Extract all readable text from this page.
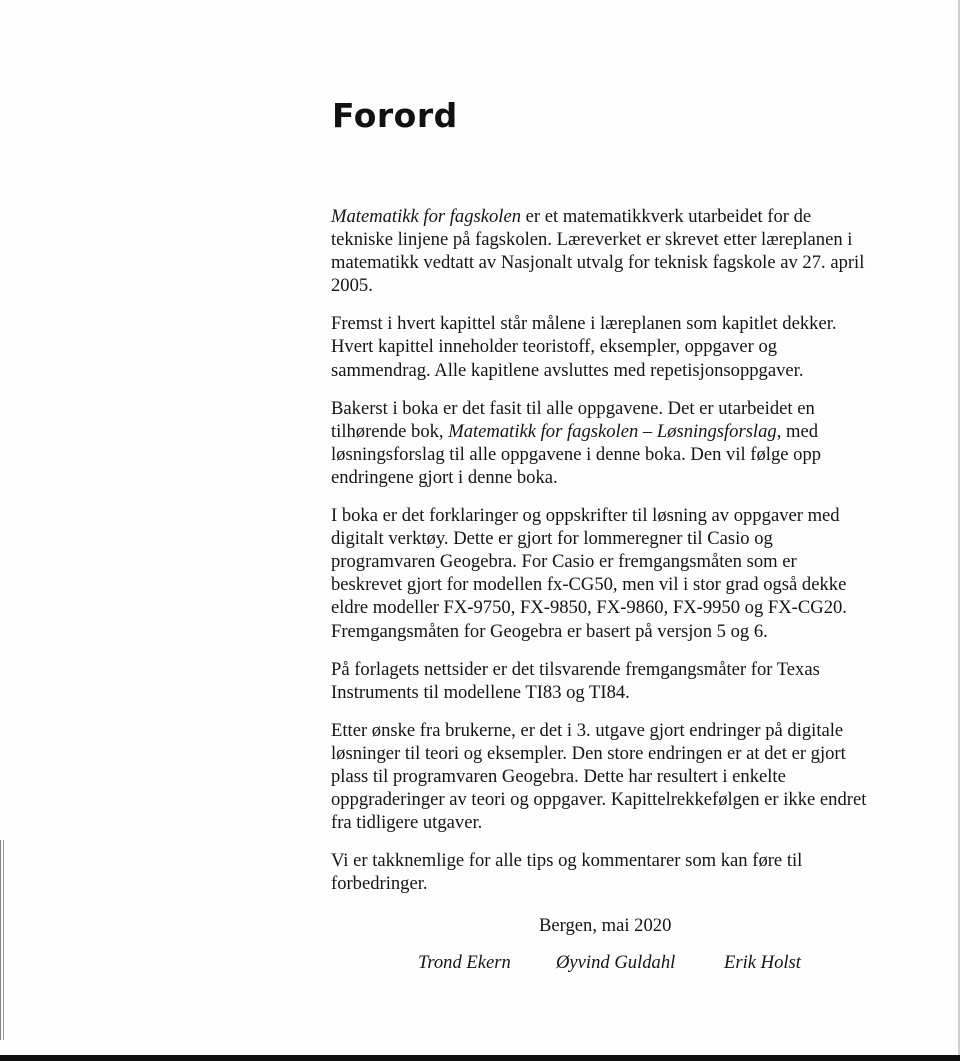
Forord

Matematikk for fagskolen er et matematikkverk utarbeidet for de tekniske linjene på fagskolen. Læreverket er skrevet etter læreplanen i matematikk vedtatt av Nasjonalt utvalg for teknisk fagskole av 27. april 2005.

Fremst i hvert kapittel står målene i læreplanen som kapitlet dekker. Hvert kapittel inneholder teoristoff, eksempler, oppgaver og sammendrag. Alle kapitlene avsluttes med repetisjonsoppgaver.

Bakerst i boka er det fasit til alle oppgavene. Det er utarbeidet en tilhørende bok, Matematikk for fagskolen – Løsningsforslag, med løsningsforslag til alle oppgavene i denne boka. Den vil følge opp endringene gjort i denne boka.

I boka er det forklaringer og oppskrifter til løsning av oppgaver med digitalt verktøy. Dette er gjort for lommeregner til Casio og programvaren Geogebra. For Casio er fremgangsmåten som er beskrevet gjort for modellen fx-CG50, men vil i stor grad også dekke eldre modeller FX-9750, FX-9850, FX-9860, FX-9950 og FX-CG20. Fremgangsmåten for Geogebra er basert på versjon 5 og 6.

På forlagets nettsider er det tilsvarende fremgangsmåter for Texas Instruments til modellene TI83 og TI84.

Etter ønske fra brukerne, er det i 3. utgave gjort endringer på digitale løsninger til teori og eksempler. Den store endringen er at det er gjort plass til programvaren Geogebra. Dette har resultert i enkelte oppgraderinger av teori og oppgaver. Kapittelrekkefølgen er ikke endret fra tidligere utgaver.

Vi er takknemlige for alle tips og kommentarer som kan føre til forbedringer.

Bergen, mai 2020
Trond Ekern Øyvind Guldahl	Erik Holst
